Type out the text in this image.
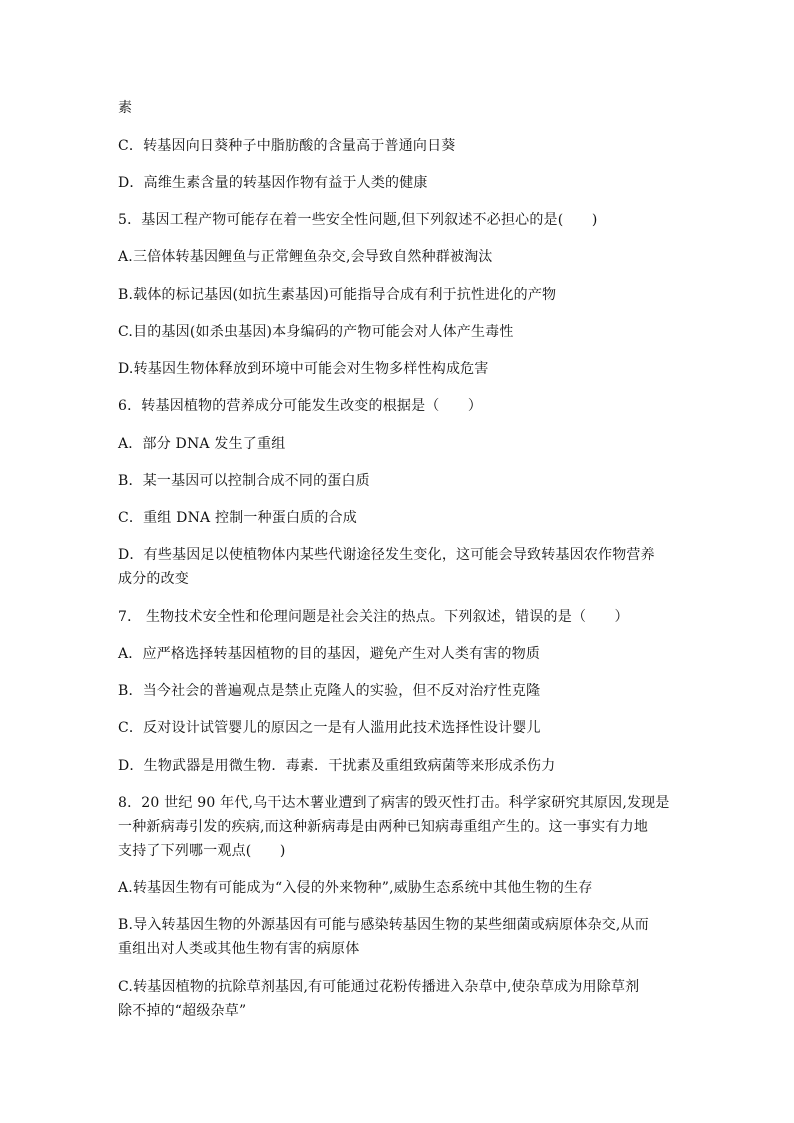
素
C．转基因向日葵种子中脂肪酸的含量高于普通向日葵
D．高维生素含量的转基因作物有益于人类的健康
5．基因工程产物可能存在着一些安全性问题,但下列叙述不必担心的是(　　)
A.三倍体转基因鲤鱼与正常鲤鱼杂交,会导致自然种群被淘汰
B.载体的标记基因(如抗生素基因)可能指导合成有利于抗性进化的产物
C.目的基因(如杀虫基因)本身编码的产物可能会对人体产生毒性
D.转基因生物体释放到环境中可能会对生物多样性构成危害
6．转基因植物的营养成分可能发生改变的根据是（　　）
A．部分 DNA 发生了重组
B．某一基因可以控制合成不同的蛋白质
C．重组 DNA 控制一种蛋白质的合成
D．有些基因足以使植物体内某些代谢途径发生变化，这可能会导致转基因农作物营养
成分的改变
7． 生物技术安全性和伦理问题是社会关注的热点。下列叙述，错误的是（　　）
A．应严格选择转基因植物的目的基因，避免产生对人类有害的物质
B．当今社会的普遍观点是禁止克隆人的实验，但不反对治疗性克隆
C．反对设计试管婴儿的原因之一是有人滥用此技术选择性设计婴儿
D．生物武器是用微生物．毒素．干扰素及重组致病菌等来形成杀伤力
8．20 世纪 90 年代,乌干达木薯业遭到了病害的毁灭性打击。科学家研究其原因,发现是
一种新病毒引发的疾病,而这种新病毒是由两种已知病毒重组产生的。这一事实有力地
支持了下列哪一观点(　　)
A.转基因生物有可能成为“入侵的外来物种”,威胁生态系统中其他生物的生存
B.导入转基因生物的外源基因有可能与感染转基因生物的某些细菌或病原体杂交,从而
重组出对人类或其他生物有害的病原体
C.转基因植物的抗除草剂基因,有可能通过花粉传播进入杂草中,使杂草成为用除草剂
除不掉的“超级杂草”
